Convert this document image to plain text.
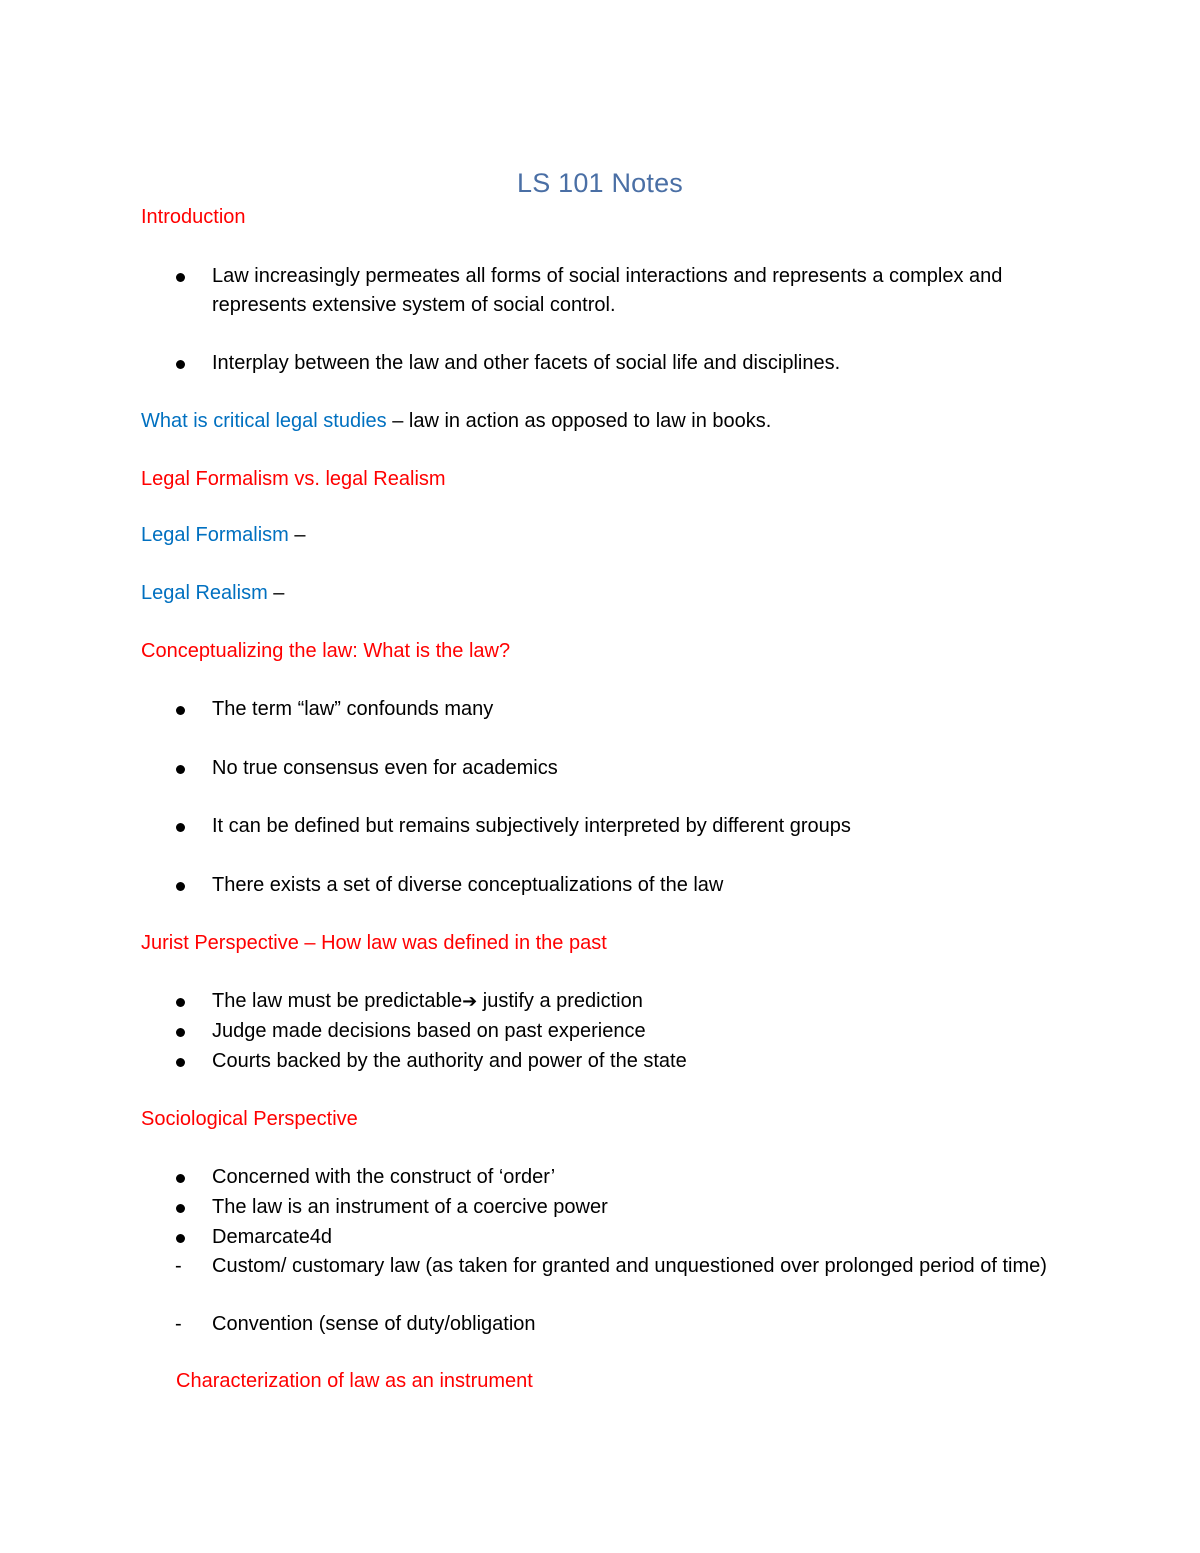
LS 101 Notes
Introduction
Law increasingly permeates all forms of social interactions and represents a complex and represents extensive system of social control.
Interplay between the law and other facets of social life and disciplines.
What is critical legal studies – law in action as opposed to law in books.
Legal Formalism vs. legal Realism
Legal Formalism –
Legal Realism –
Conceptualizing the law: What is the law?
The term “law” confounds many
No true consensus even for academics
It can be defined but remains subjectively interpreted by different groups
There exists a set of diverse conceptualizations of the law
Jurist Perspective – How law was defined in the past
The law must be predictable➔ justify a prediction
Judge made decisions based on past experience
Courts backed by the authority and power of the state
Sociological Perspective
Concerned with the construct of ‘order’
The law is an instrument of a coercive power
Demarcate4d
- Custom/ customary law (as taken for granted and unquestioned over prolonged period of time)
- Convention (sense of duty/obligation
Characterization of law as an instrument
